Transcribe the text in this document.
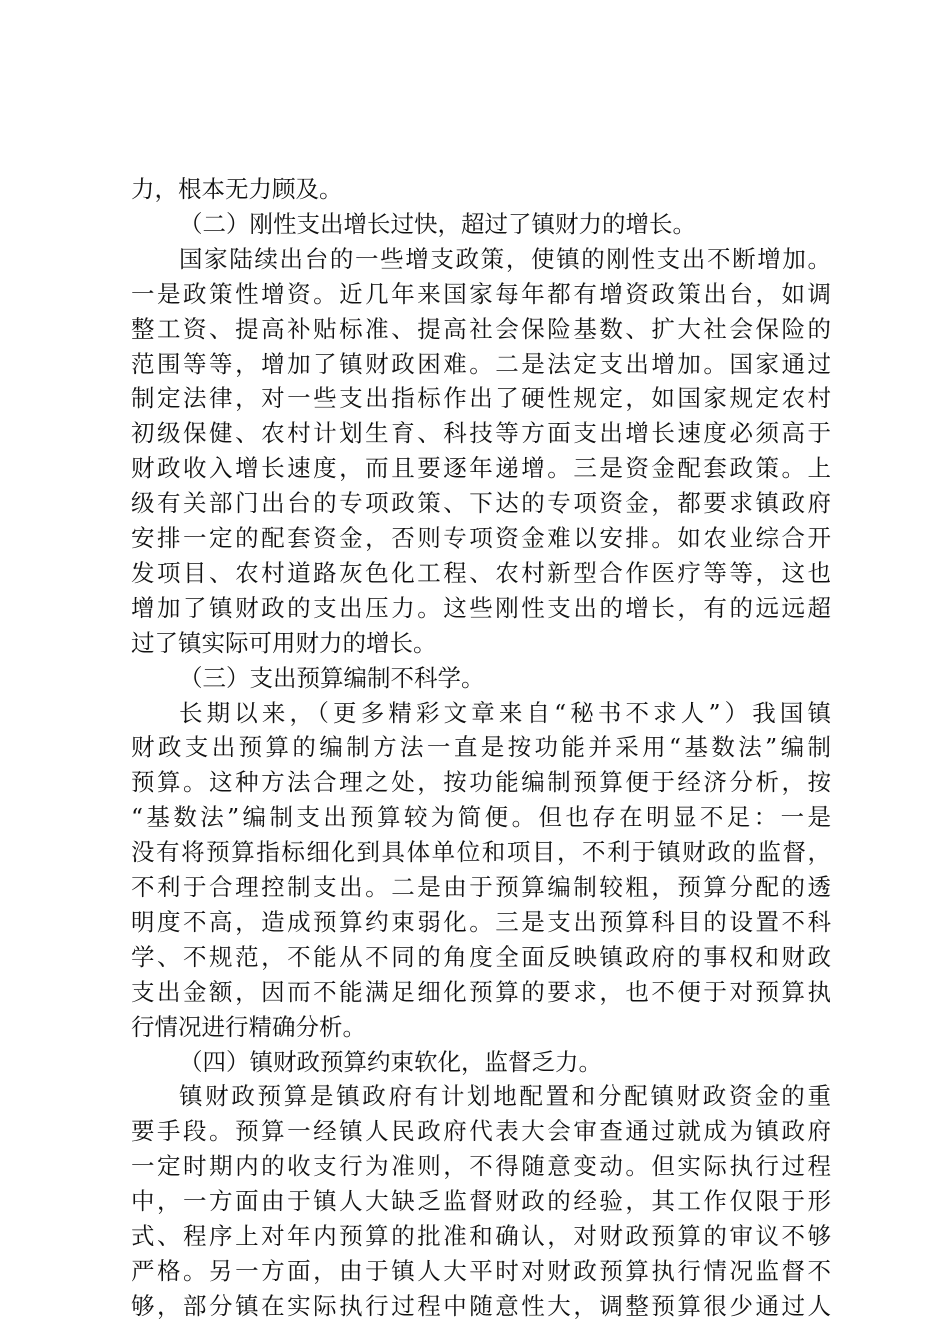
力，根本无力顾及。
（二）刚性支出增长过快，超过了镇财力的增长。
国家陆续出台的一些增支政策，使镇的刚性支出不断增加。
一是政策性增资。近几年来国家每年都有增资政策出台，如调
整工资、提高补贴标准、提高社会保险基数、扩大社会保险的
范围等等，增加了镇财政困难。二是法定支出增加。国家通过
制定法律，对一些支出指标作出了硬性规定，如国家规定农村
初级保健、农村计划生育、科技等方面支出增长速度必须高于
财政收入增长速度，而且要逐年递增。三是资金配套政策。上
级有关部门出台的专项政策、下达的专项资金，都要求镇政府
安排一定的配套资金，否则专项资金难以安排。如农业综合开
发项目、农村道路灰色化工程、农村新型合作医疗等等，这也
增加了镇财政的支出压力。这些刚性支出的增长，有的远远超
过了镇实际可用财力的增长。
（三）支出预算编制不科学。
长期以来，（更多精彩文章来自“秘书不求人”）我国镇
财政支出预算的编制方法一直是按功能并采用“基数法”编制
预算。这种方法合理之处，按功能编制预算便于经济分析，按
“基数法”编制支出预算较为简便。但也存在明显不足：一是
没有将预算指标细化到具体单位和项目，不利于镇财政的监督，
不利于合理控制支出。二是由于预算编制较粗，预算分配的透
明度不高，造成预算约束弱化。三是支出预算科目的设置不科
学、不规范，不能从不同的角度全面反映镇政府的事权和财政
支出金额，因而不能满足细化预算的要求，也不便于对预算执
行情况进行精确分析。
（四）镇财政预算约束软化，监督乏力。
镇财政预算是镇政府有计划地配置和分配镇财政资金的重
要手段。预算一经镇人民政府代表大会审查通过就成为镇政府
一定时期内的收支行为准则，不得随意变动。但实际执行过程
中，一方面由于镇人大缺乏监督财政的经验，其工作仅限于形
式、程序上对年内预算的批准和确认，对财政预算的审议不够
严格。另一方面，由于镇人大平时对财政预算执行情况监督不
够，部分镇在实际执行过程中随意性大，调整预算很少通过人
